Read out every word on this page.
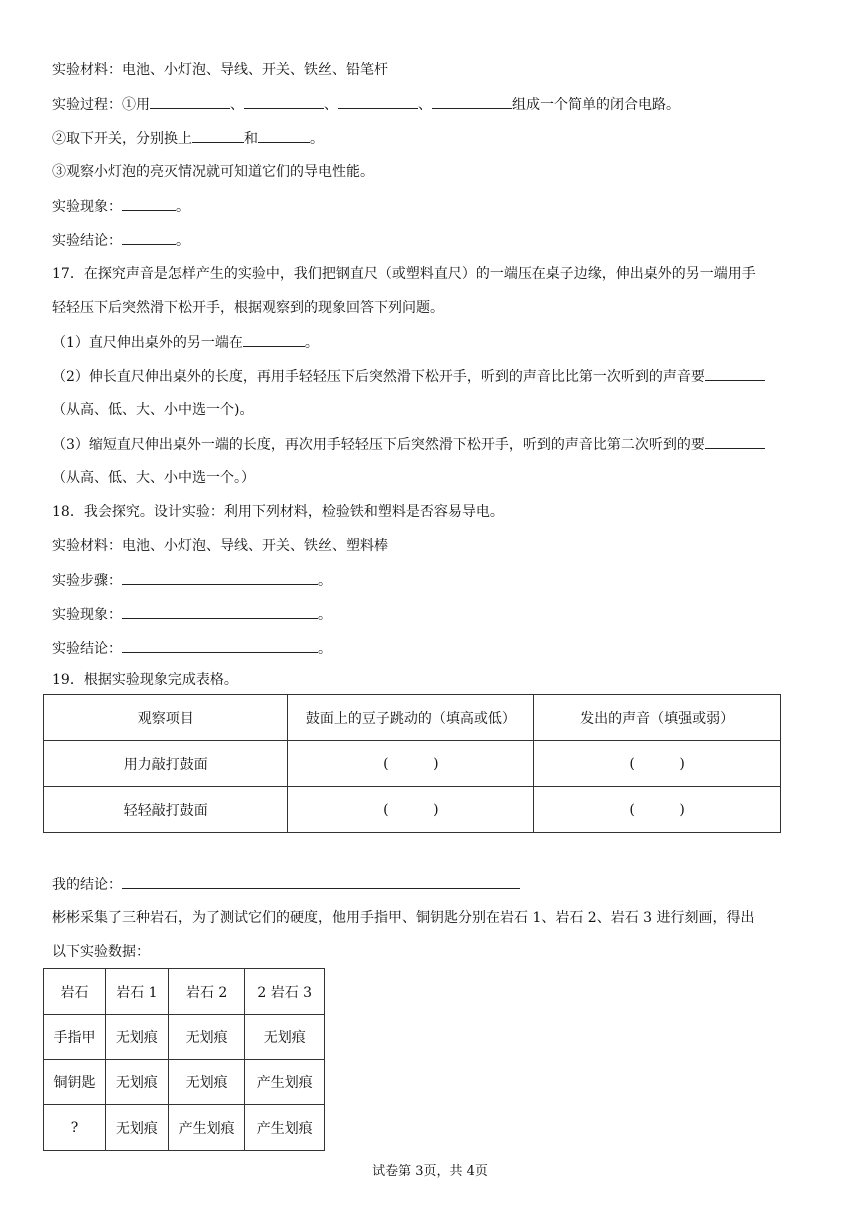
实验材料：电池、小灯泡、导线、开关、铁丝、铅笔杆
实验过程：①用	、	、	、	组成一个简单的闭合电路。
②取下开关，分别换上	和	。
③观察小灯泡的亮灭情况就可知道它们的导电性能。
实验现象：	。
实验结论：	。
17．在探究声音是怎样产生的实验中，我们把钢直尺（或塑料直尺）的一端压在桌子边缘，伸出桌外的另一端用手
轻轻压下后突然滑下松开手，根据观察到的现象回答下列问题。
（1）直尺伸出桌外的另一端在	。
（2）伸长直尺伸出桌外的长度，再用手轻轻压下后突然滑下松开手，听到的声音比比第一次听到的声音要
（从高、低、大、小中选一个)。
（3）缩短直尺伸出桌外一端的长度，再次用手轻轻压下后突然滑下松开手，听到的声音比第二次听到的要
（从高、低、大、小中选一个。）
18．我会探究。设计实验：利用下列材料，检验铁和塑料是否容易导电。
实验材料：电池、小灯泡、导线、开关、铁丝、塑料棒
实验步骤：	。
实验现象：	。
实验结论：	。
19．根据实验现象完成表格。
观察项目	鼓面上的豆子跳动的（填高或低）	发出的声音（填强或弱）
用力敲打鼓面	(          )	(          )
轻轻敲打鼓面	(          )	(          )
我的结论：
彬彬采集了三种岩石，为了测试它们的硬度，他用手指甲、铜钥匙分别在岩石 1、岩石 2、岩石 3 进行刻画，得出
以下实验数据：
岩石	岩石 1	岩石 2	2 岩石 3
手指甲	无划痕	无划痕	无划痕
铜钥匙	无划痕	无划痕	产生划痕
?	无划痕	产生划痕	产生划痕
试卷第 3页，共 4页
